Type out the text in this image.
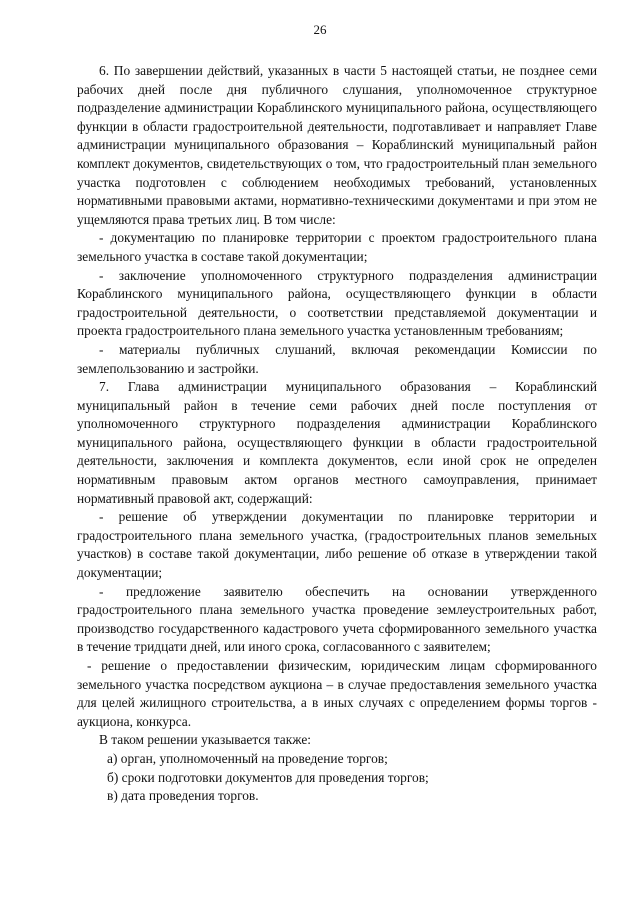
26

6. По завершении действий, указанных в части 5 настоящей статьи, не позднее семи рабочих дней после дня публичного слушания, уполномоченное структурное подразделение администрации Кораблинского муниципального района, осуществляющего функции в области градостроительной деятельности, подготавливает и направляет Главе администрации муниципального образования – Кораблинский муниципальный район комплект документов, свидетельствующих о том, что градостроительный план земельного участка подготовлен с соблюдением необходимых требований, установленных нормативными правовыми актами, нормативно-техническими документами и при этом не ущемляются права третьих лиц. В том числе:

- документацию по планировке территории с проектом градостроительного плана земельного участка в составе такой документации;

- заключение уполномоченного структурного подразделения администрации Кораблинского муниципального района, осуществляющего функции в области градостроительной деятельности, о соответствии представляемой документации и проекта градостроительного плана земельного участка установленным требованиям;

- материалы публичных слушаний, включая рекомендации Комиссии по землепользованию и застройки.

7. Глава администрации муниципального образования – Кораблинский муниципальный район в течение семи рабочих дней после поступления от уполномоченного структурного подразделения администрации Кораблинского муниципального района, осуществляющего функции в области градостроительной деятельности, заключения и комплекта документов, если иной срок не определен нормативным правовым актом органов местного самоуправления, принимает нормативный правовой акт, содержащий:

- решение об утверждении документации по планировке территории и градостроительного плана земельного участка, (градостроительных планов земельных участков) в составе такой документации, либо решение об отказе в утверждении такой документации;

- предложение заявителю обеспечить на основании утвержденного градостроительного плана земельного участка проведение землеустроительных работ, производство государственного кадастрового учета сформированного земельного участка в течение тридцати дней, или иного срока, согласованного с заявителем;

- решение о предоставлении физическим, юридическим лицам сформированного земельного участка посредством аукциона – в случае предоставления земельного участка для целей жилищного строительства, а в иных случаях с определением формы торгов - аукциона, конкурса.

В таком решении указывается также:

а) орган, уполномоченный на проведение торгов;

б) сроки подготовки документов для проведения торгов;

в) дата проведения торгов.
